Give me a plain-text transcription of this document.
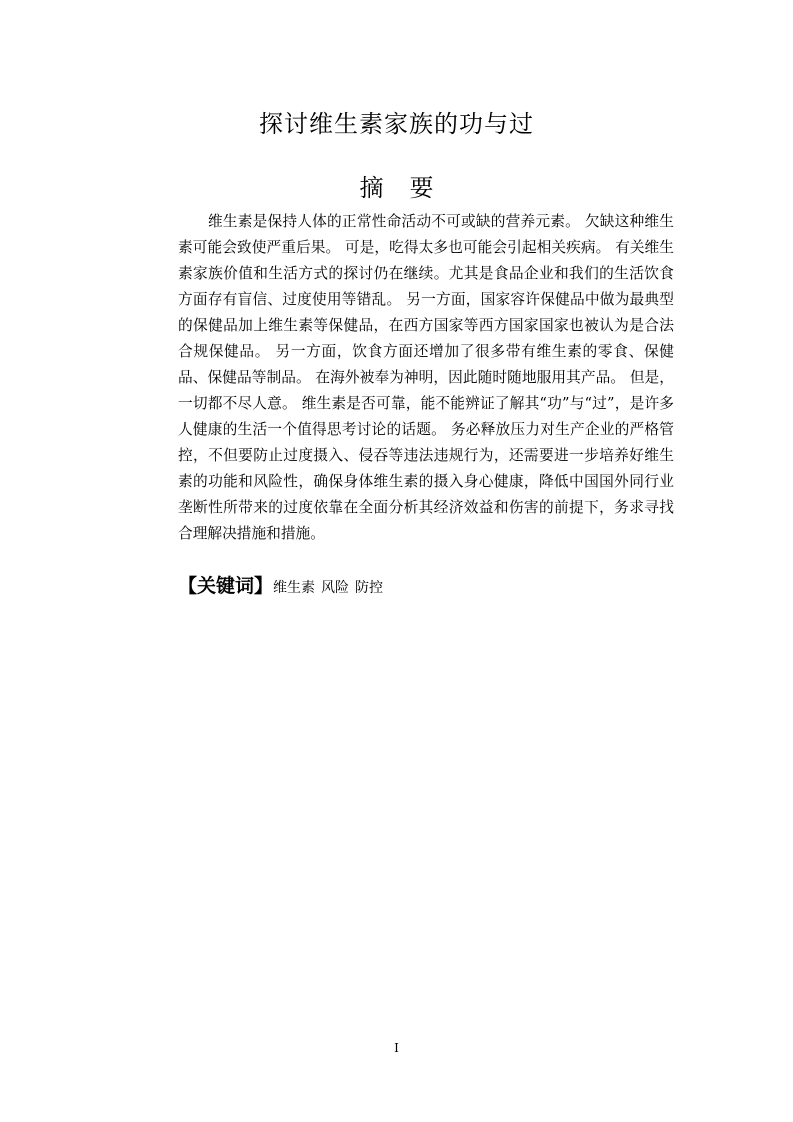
探讨维生素家族的功与过
摘 要

维生素是保持人体的正常性命活动不可或缺的营养元素。 欠缺这种维生素可能会致使严重后果。 可是，吃得太多也可能会引起相关疾病。 有关维生素家族价值和生活方式的探讨仍在继续。尤其是食品企业和我们的生活饮食方面存有盲信、过度使用等错乱。 另一方面，国家容许保健品中做为最典型的保健品加上维生素等保健品，在西方国家等西方国家国家也被认为是合法合规保健品。 另一方面，饮食方面还增加了很多带有维生素的零食、保健品、保健品等制品。 在海外被奉为神明，因此随时随地服用其产品。 但是，一切都不尽人意。 维生素是否可靠，能不能辨证了解其“功”与“过”，是许多人健康的生活一个值得思考讨论的话题。 务必释放压力对生产企业的严格管控，不但要防止过度摄入、侵吞等违法违规行为，还需要进一步培养好维生素的功能和风险性，确保身体维生素的摄入身心健康，降低中国国外同行业垄断性所带来的过度依靠在全面分析其经济效益和伤害的前提下，务求寻找合理解决措施和措施。

【关键词】维生素 风险 防控
I
